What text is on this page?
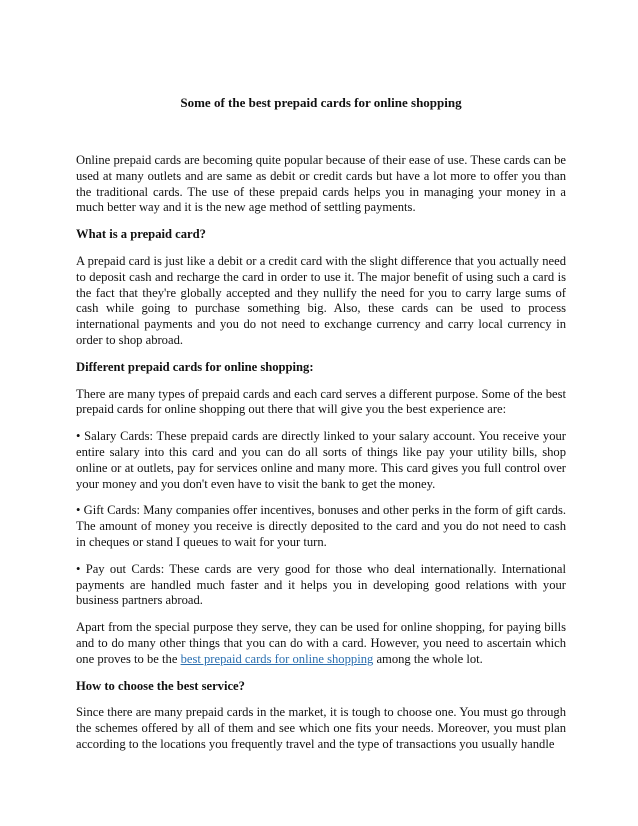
Some of the best prepaid cards for online shopping

Online prepaid cards are becoming quite popular because of their ease of use. These cards can be used at many outlets and are same as debit or credit cards but have a lot more to offer you than the traditional cards. The use of these prepaid cards helps you in managing your money in a much better way and it is the new age method of settling payments.

What is a prepaid card?

A prepaid card is just like a debit or a credit card with the slight difference that you actually need to deposit cash and recharge the card in order to use it. The major benefit of using such a card is the fact that they're globally accepted and they nullify the need for you to carry large sums of cash while going to purchase something big. Also, these cards can be used to process international payments and you do not need to exchange currency and carry local currency in order to shop abroad.

Different prepaid cards for online shopping:

There are many types of prepaid cards and each card serves a different purpose. Some of the best prepaid cards for online shopping out there that will give you the best experience are:

• Salary Cards: These prepaid cards are directly linked to your salary account. You receive your entire salary into this card and you can do all sorts of things like pay your utility bills, shop online or at outlets, pay for services online and many more. This card gives you full control over your money and you don't even have to visit the bank to get the money.

• Gift Cards: Many companies offer incentives, bonuses and other perks in the form of gift cards. The amount of money you receive is directly deposited to the card and you do not need to cash in cheques or stand I queues to wait for your turn.

• Pay out Cards: These cards are very good for those who deal internationally. International payments are handled much faster and it helps you in developing good relations with your business partners abroad.

Apart from the special purpose they serve, they can be used for online shopping, for paying bills and to do many other things that you can do with a card. However, you need to ascertain which one proves to be the best prepaid cards for online shopping among the whole lot.

How to choose the best service?

Since there are many prepaid cards in the market, it is tough to choose one. You must go through the schemes offered by all of them and see which one fits your needs. Moreover, you must plan according to the locations you frequently travel and the type of transactions you usually handle
